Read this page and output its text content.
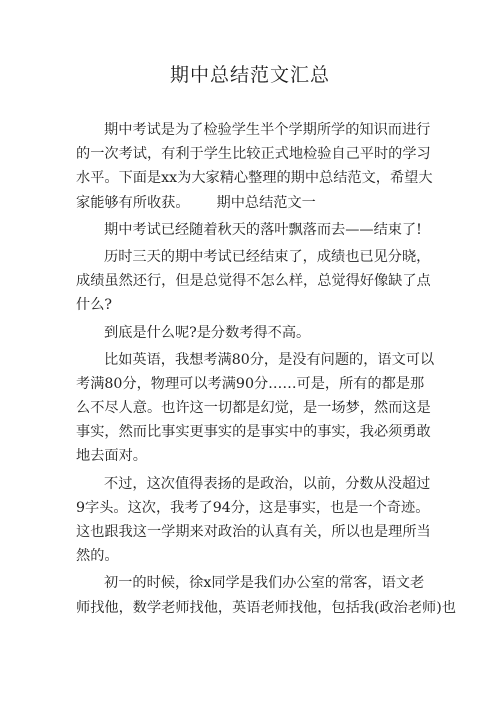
期中总结范文汇总
期中考试是为了检验学生半个学期所学的知识而进行
的一次考试，有利于学生比较正式地检验自己平时的学习
水平。下面是xx为大家精心整理的期中总结范文，希望大
家能够有所收获。      期中总结范文一
期中考试已经随着秋天的落叶飘落而去——结束了!
历时三天的期中考试已经结束了，成绩也已见分晓，
成绩虽然还行，但是总觉得不怎么样，总觉得好像缺了点
什么?
到底是什么呢?是分数考得不高。
比如英语，我想考满80分，是没有问题的，语文可以
考满80分，物理可以考满90分……可是，所有的都是那
么不尽人意。也许这一切都是幻觉，是一场梦，然而这是
事实，然而比事实更事实的是事实中的事实，我必须勇敢
地去面对。
不过，这次值得表扬的是政治，以前，分数从没超过
9字头。这次，我考了94分，这是事实，也是一个奇迹。
这也跟我这一学期来对政治的认真有关，所以也是理所当
然的。
初一的时候，徐x同学是我们办公室的常客，语文老
师找他，数学老师找他，英语老师找他，包括我(政治老师)也
